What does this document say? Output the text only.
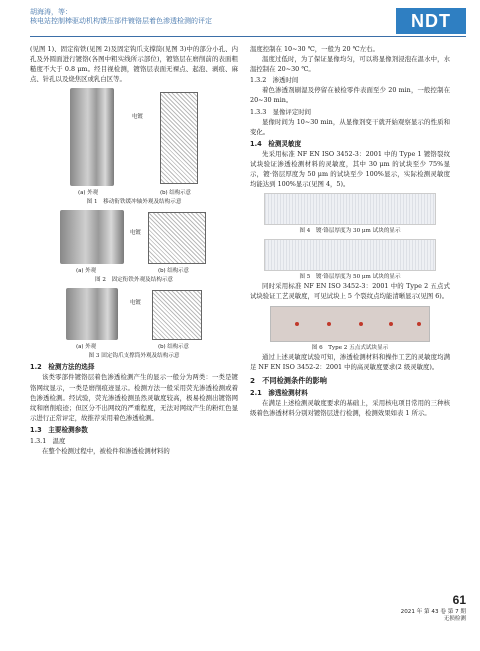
胡海涛，等：
核电站控制棒驱动机构馈压部件镀铬层着色渗透检测的评定	NDT

(见图 1)、固定衔铁(见图 2)及固定钩爪支撑筒(见图 3)中的部分小孔、内孔及外圆面进行镀铬(各图中粗实线所示部位)，镀铬层在磨削前的表面粗糙度不大于 0.8 μm。经目视检测，镀铬层表面无裸点、起泡、剥痕、麻点、针孔以及烧焦区或乳白区等。

电镀
(a) 外观	(b) 结构示意
图 1　移动衔铁缓冲轴外观及结构示意
电镀
(a) 外观	(b) 结构示意
图 2　固定衔铁外观及结构示意
电镀
(a) 外观	(b) 结构示意
图 3 固定钩爪支撑筒外观及结构示意
1.2　检测方法的选择

该类零部件镀铬层着色渗透检测产生的显示一般分为两类：一类是镀铬网纹显示，一类是磨削痕迹显示。检测方法一般采用荧光渗透检测或着色渗透检测。经试验，荧光渗透检测虽然灵敏度较高，极易检测出镀铬网纹和磨削痕迹；但区分不出网纹的严重程度，无法对网纹产生的粉红色显示进行正常评定，故推荐采用着色渗透检测。

1.3　主要检测参数
1.3.1　温度

在整个检测过程中，被检件和渗透检测材料的

温度控制在 10~30 ℃，一般为 20 ℃左右。

温度过低时，为了保证显像均匀，可以将显像剂浸泡在温水中，水温控制在 20~30 ℃。

1.3.2　渗透时间

着色渗透剂刷湿及停留在被检零件表面至少 20 min，一般控制在 20~30 min。

1.3.3　显像评定时间

显像时间为 10~30 min，从显像剂变干就开始观察显示的性质和变化。

1.4　检测灵敏度

先采用标准 NF EN ISO 3452-3：2001 中的 Type 1 镀铬裂纹试块验证渗透检测材料的灵敏度，其中 30 μm 的试块至少 75%显示，镀·铬层厚度为 50 μm 的试块至少 100%显示，实际检测灵敏度均能达到 100%显示(见图 4，5)。

图 4　镀·铬层厚度为 30 μm 试块的显示
图 5　镀·铬层厚度为 50 μm 试块的显示

同时采用标准 NF EN ISO 3452-3：2001 中的 Type 2 五点式试块验证工艺灵敏度，可见试块上 5 个裂纹点均能清晰显示(见图 6)。

图 6　Type 2 五点式试块显示

通过上述灵敏度试验可知，渗透检测材料和操作工艺的灵敏度均满足 NF EN ISO 3452-2：2001 中的高灵敏度要求(2 级灵敏度)。

2　不同检测条件的影响
2.1　渗透检测材料

在满足上述检测灵敏度要求的基础上，采用核电项目常用的三种核级着色渗透材料分别对镀铬层进行检测，检测效果如表 1 所示。

61
2021 年 第 43 卷 第 7 期
无损检测
